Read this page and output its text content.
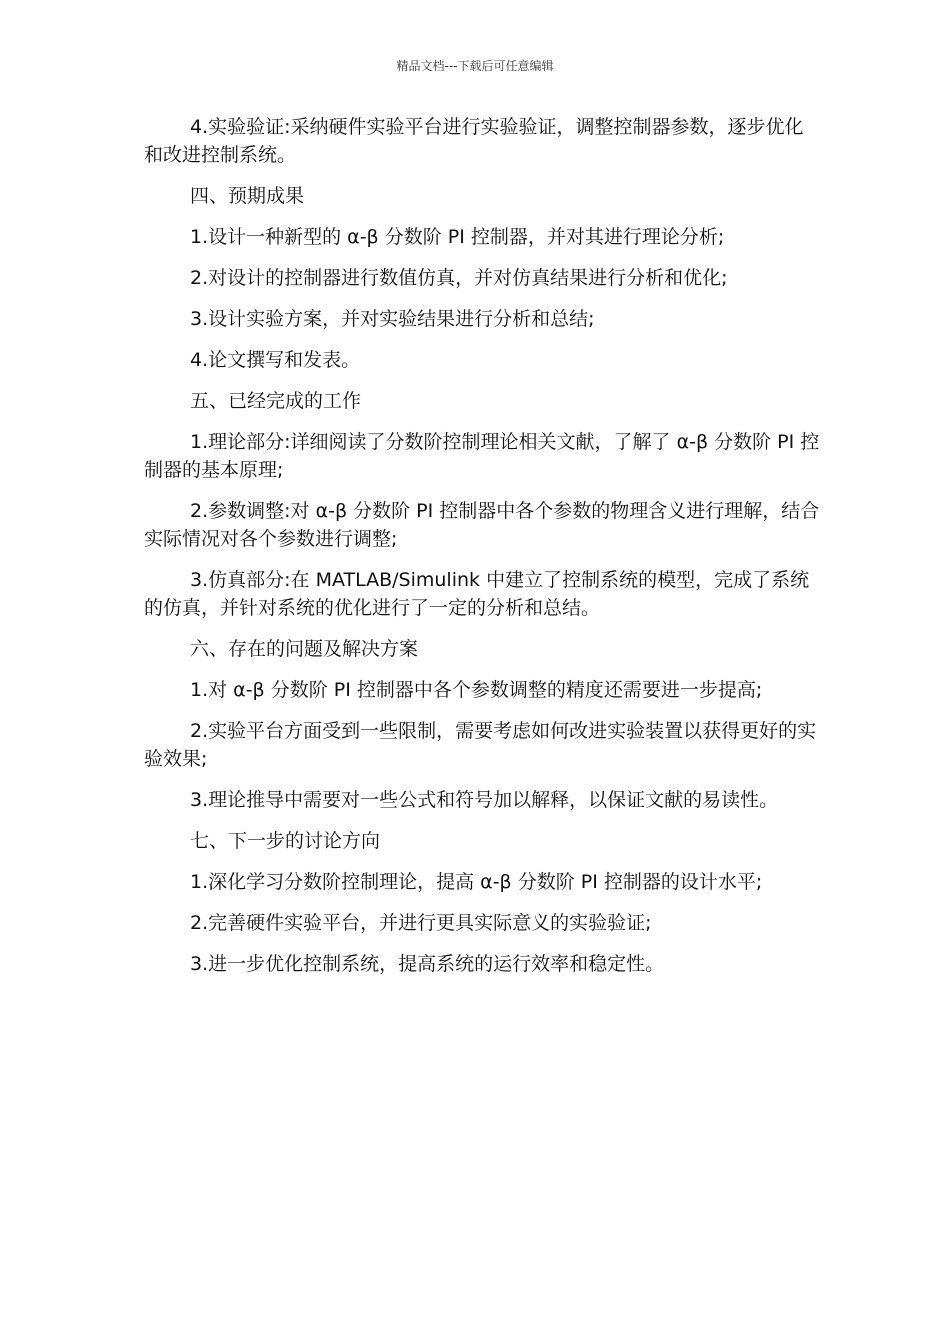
精品文档---下载后可任意编辑

4.实验验证:采纳硬件实验平台进行实验验证，调整控制器参数，逐步优化和改进控制系统。

四、预期成果

1.设计一种新型的 α-β 分数阶 PI 控制器，并对其进行理论分析;

2.对设计的控制器进行数值仿真，并对仿真结果进行分析和优化;

3.设计实验方案，并对实验结果进行分析和总结;

4.论文撰写和发表。

五、已经完成的工作

1.理论部分:详细阅读了分数阶控制理论相关文献，了解了 α-β 分数阶 PI 控制器的基本原理;

2.参数调整:对 α-β 分数阶 PI 控制器中各个参数的物理含义进行理解，结合实际情况对各个参数进行调整;

3.仿真部分:在 MATLAB/Simulink 中建立了控制系统的模型，完成了系统的仿真，并针对系统的优化进行了一定的分析和总结。

六、存在的问题及解决方案

1.对 α-β 分数阶 PI 控制器中各个参数调整的精度还需要进一步提高;

2.实验平台方面受到一些限制，需要考虑如何改进实验装置以获得更好的实验效果;

3.理论推导中需要对一些公式和符号加以解释，以保证文献的易读性。

七、下一步的讨论方向

1.深化学习分数阶控制理论，提高 α-β 分数阶 PI 控制器的设计水平;

2.完善硬件实验平台，并进行更具实际意义的实验验证;

3.进一步优化控制系统，提高系统的运行效率和稳定性。
